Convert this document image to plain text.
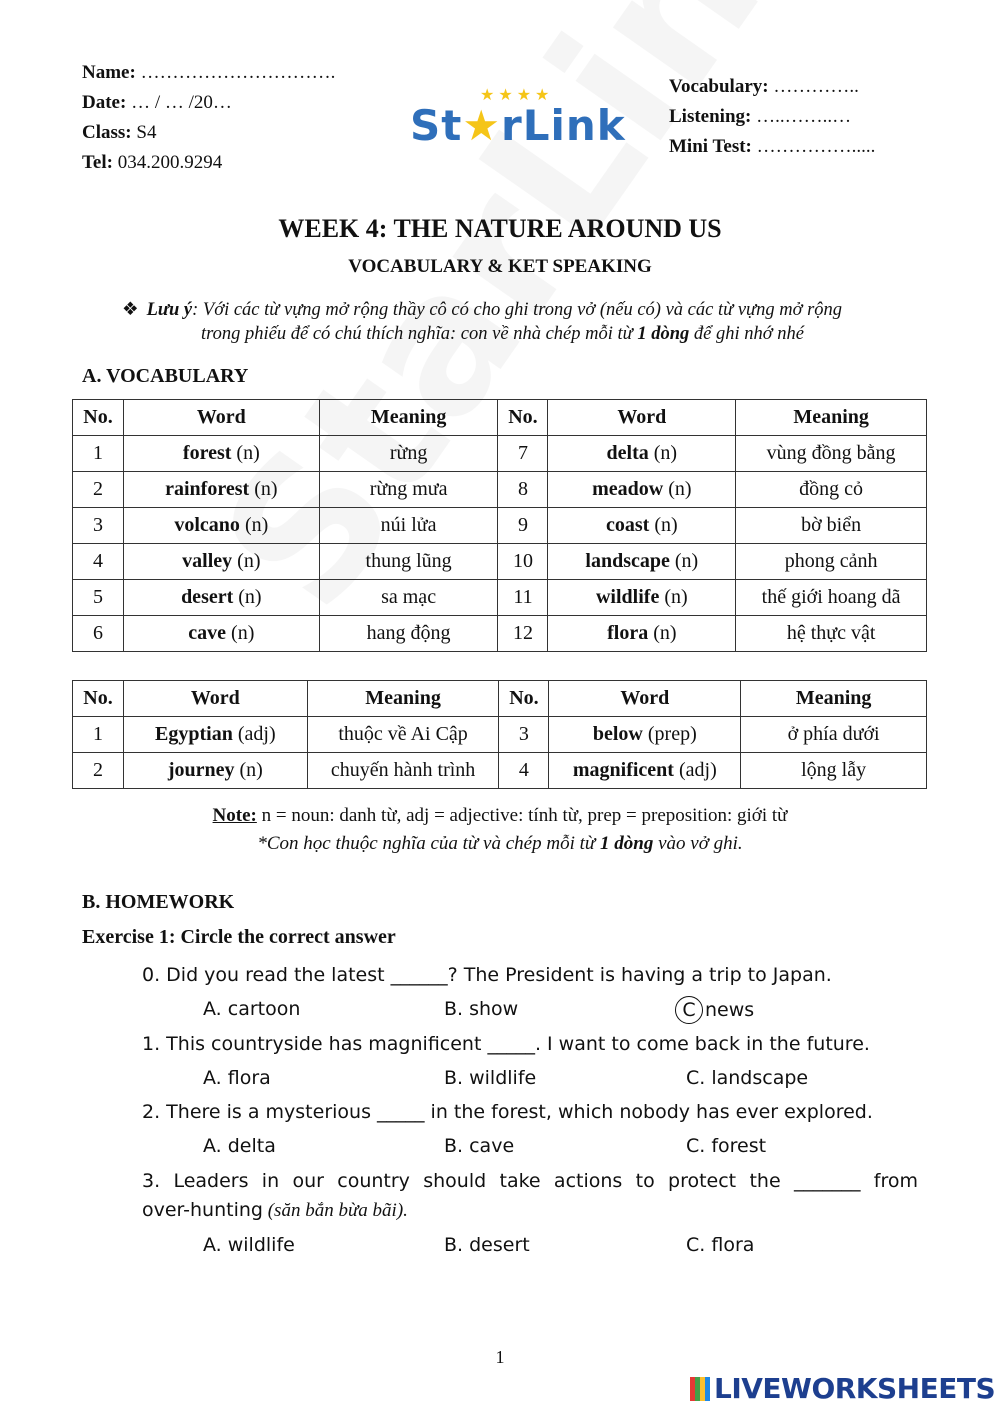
Name: ………………………….
Date: … / … /20…
Class: S4
Tel: 034.200.9294
★ ★ ★ ★
St★rLink
Vocabulary: …………..
Listening: …..……..…
Mini Test: …………….....
WEEK 4: THE NATURE AROUND US
VOCABULARY & KET SPEAKING
❖ Lưu ý: Với các từ vựng mở rộng thầy cô có cho ghi trong vở (nếu có) và các từ vựng mở rộng
trong phiếu để có chú thích nghĩa: con về nhà chép mỗi từ 1 dòng để ghi nhớ nhé
A. VOCABULARY
No.	Word	Meaning	No.	Word	Meaning
1	forest (n)	rừng	7	delta (n)	vùng đồng bằng
2	rainforest (n)	rừng mưa	8	meadow (n)	đồng cỏ
3	volcano (n)	núi lửa	9	coast (n)	bờ biển
4	valley (n)	thung lũng	10	landscape (n)	phong cảnh
5	desert (n)	sa mạc	11	wildlife (n)	thế giới hoang dã
6	cave (n)	hang động	12	flora (n)	hệ thực vật
No.	Word	Meaning	No.	Word	Meaning
1	Egyptian (adj)	thuộc về Ai Cập	3	below (prep)	ở phía dưới
2	journey (n)	chuyến hành trình	4	magnificent (adj)	lộng lẫy
Note: n = noun: danh từ, adj = adjective: tính từ, prep = preposition: giới từ
*Con học thuộc nghĩa của từ và chép mỗi từ 1 dòng vào vở ghi.
B. HOMEWORK
Exercise 1: Circle the correct answer
0. Did you read the latest ______? The President is having a trip to Japan.
A. cartoon	B. show	C news
1. This countryside has magnificent _____. I want to come back in the future.
A. flora	B. wildlife	C. landscape
2. There is a mysterious _____ in the forest, which nobody has ever explored.
A. delta	B. cave	C. forest
3. Leaders in our country should take actions to protect the _______ from
over-hunting (săn bắn bừa bãi).
A. wildlife	B. desert	C. flora
1
LIVEWORKSHEETS
